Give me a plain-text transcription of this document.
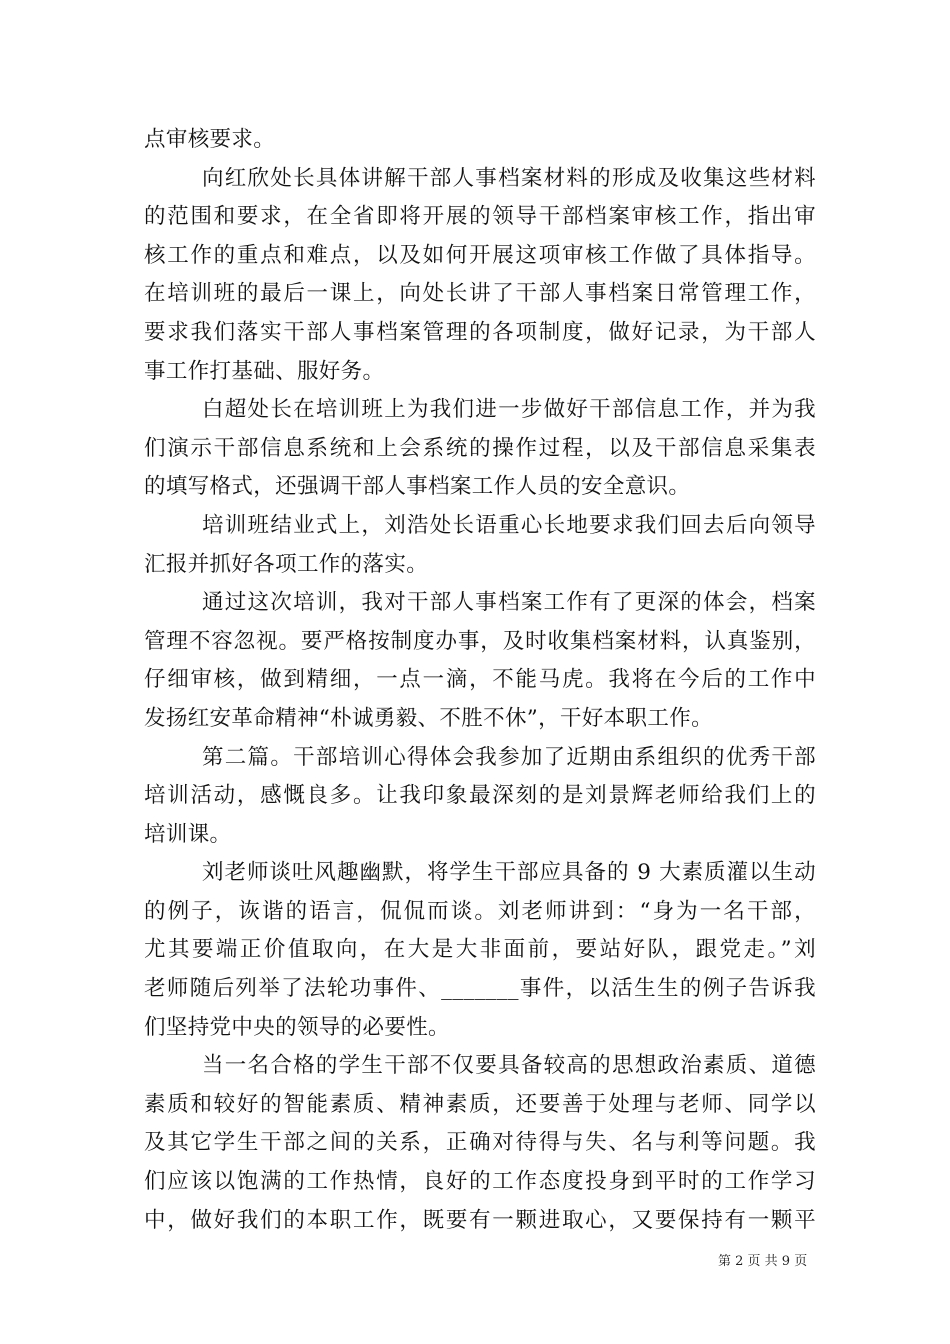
点审核要求。
向红欣处长具体讲解干部人事档案材料的形成及收集这些材料
的范围和要求，在全省即将开展的领导干部档案审核工作，指出审
核工作的重点和难点，以及如何开展这项审核工作做了具体指导。
在培训班的最后一课上，向处长讲了干部人事档案日常管理工作，
要求我们落实干部人事档案管理的各项制度，做好记录，为干部人
事工作打基础、服好务。
白超处长在培训班上为我们进一步做好干部信息工作，并为我
们演示干部信息系统和上会系统的操作过程，以及干部信息采集表
的填写格式，还强调干部人事档案工作人员的安全意识。
培训班结业式上，刘浩处长语重心长地要求我们回去后向领导
汇报并抓好各项工作的落实。
通过这次培训，我对干部人事档案工作有了更深的体会，档案
管理不容忽视。要严格按制度办事，及时收集档案材料，认真鉴别，
仔细审核，做到精细，一点一滴，不能马虎。我将在今后的工作中
发扬红安革命精神“朴诚勇毅、不胜不休”，干好本职工作。
第二篇。干部培训心得体会我参加了近期由系组织的优秀干部
培训活动，感慨良多。让我印象最深刻的是刘景辉老师给我们上的
培训课。
刘老师谈吐风趣幽默，将学生干部应具备的 9 大素质灌以生动
的例子，诙谐的语言，侃侃而谈。刘老师讲到：“身为一名干部，
尤其要端正价值取向，在大是大非面前，要站好队，跟党走。”刘
老师随后列举了法轮功事件、_______事件，以活生生的例子告诉我
们坚持党中央的领导的必要性。
当一名合格的学生干部不仅要具备较高的思想政治素质、道德
素质和较好的智能素质、精神素质，还要善于处理与老师、同学以
及其它学生干部之间的关系，正确对待得与失、名与利等问题。我
们应该以饱满的工作热情，良好的工作态度投身到平时的工作学习
中，做好我们的本职工作，既要有一颗进取心，又要保持有一颗平
第 2 页 共 9 页
